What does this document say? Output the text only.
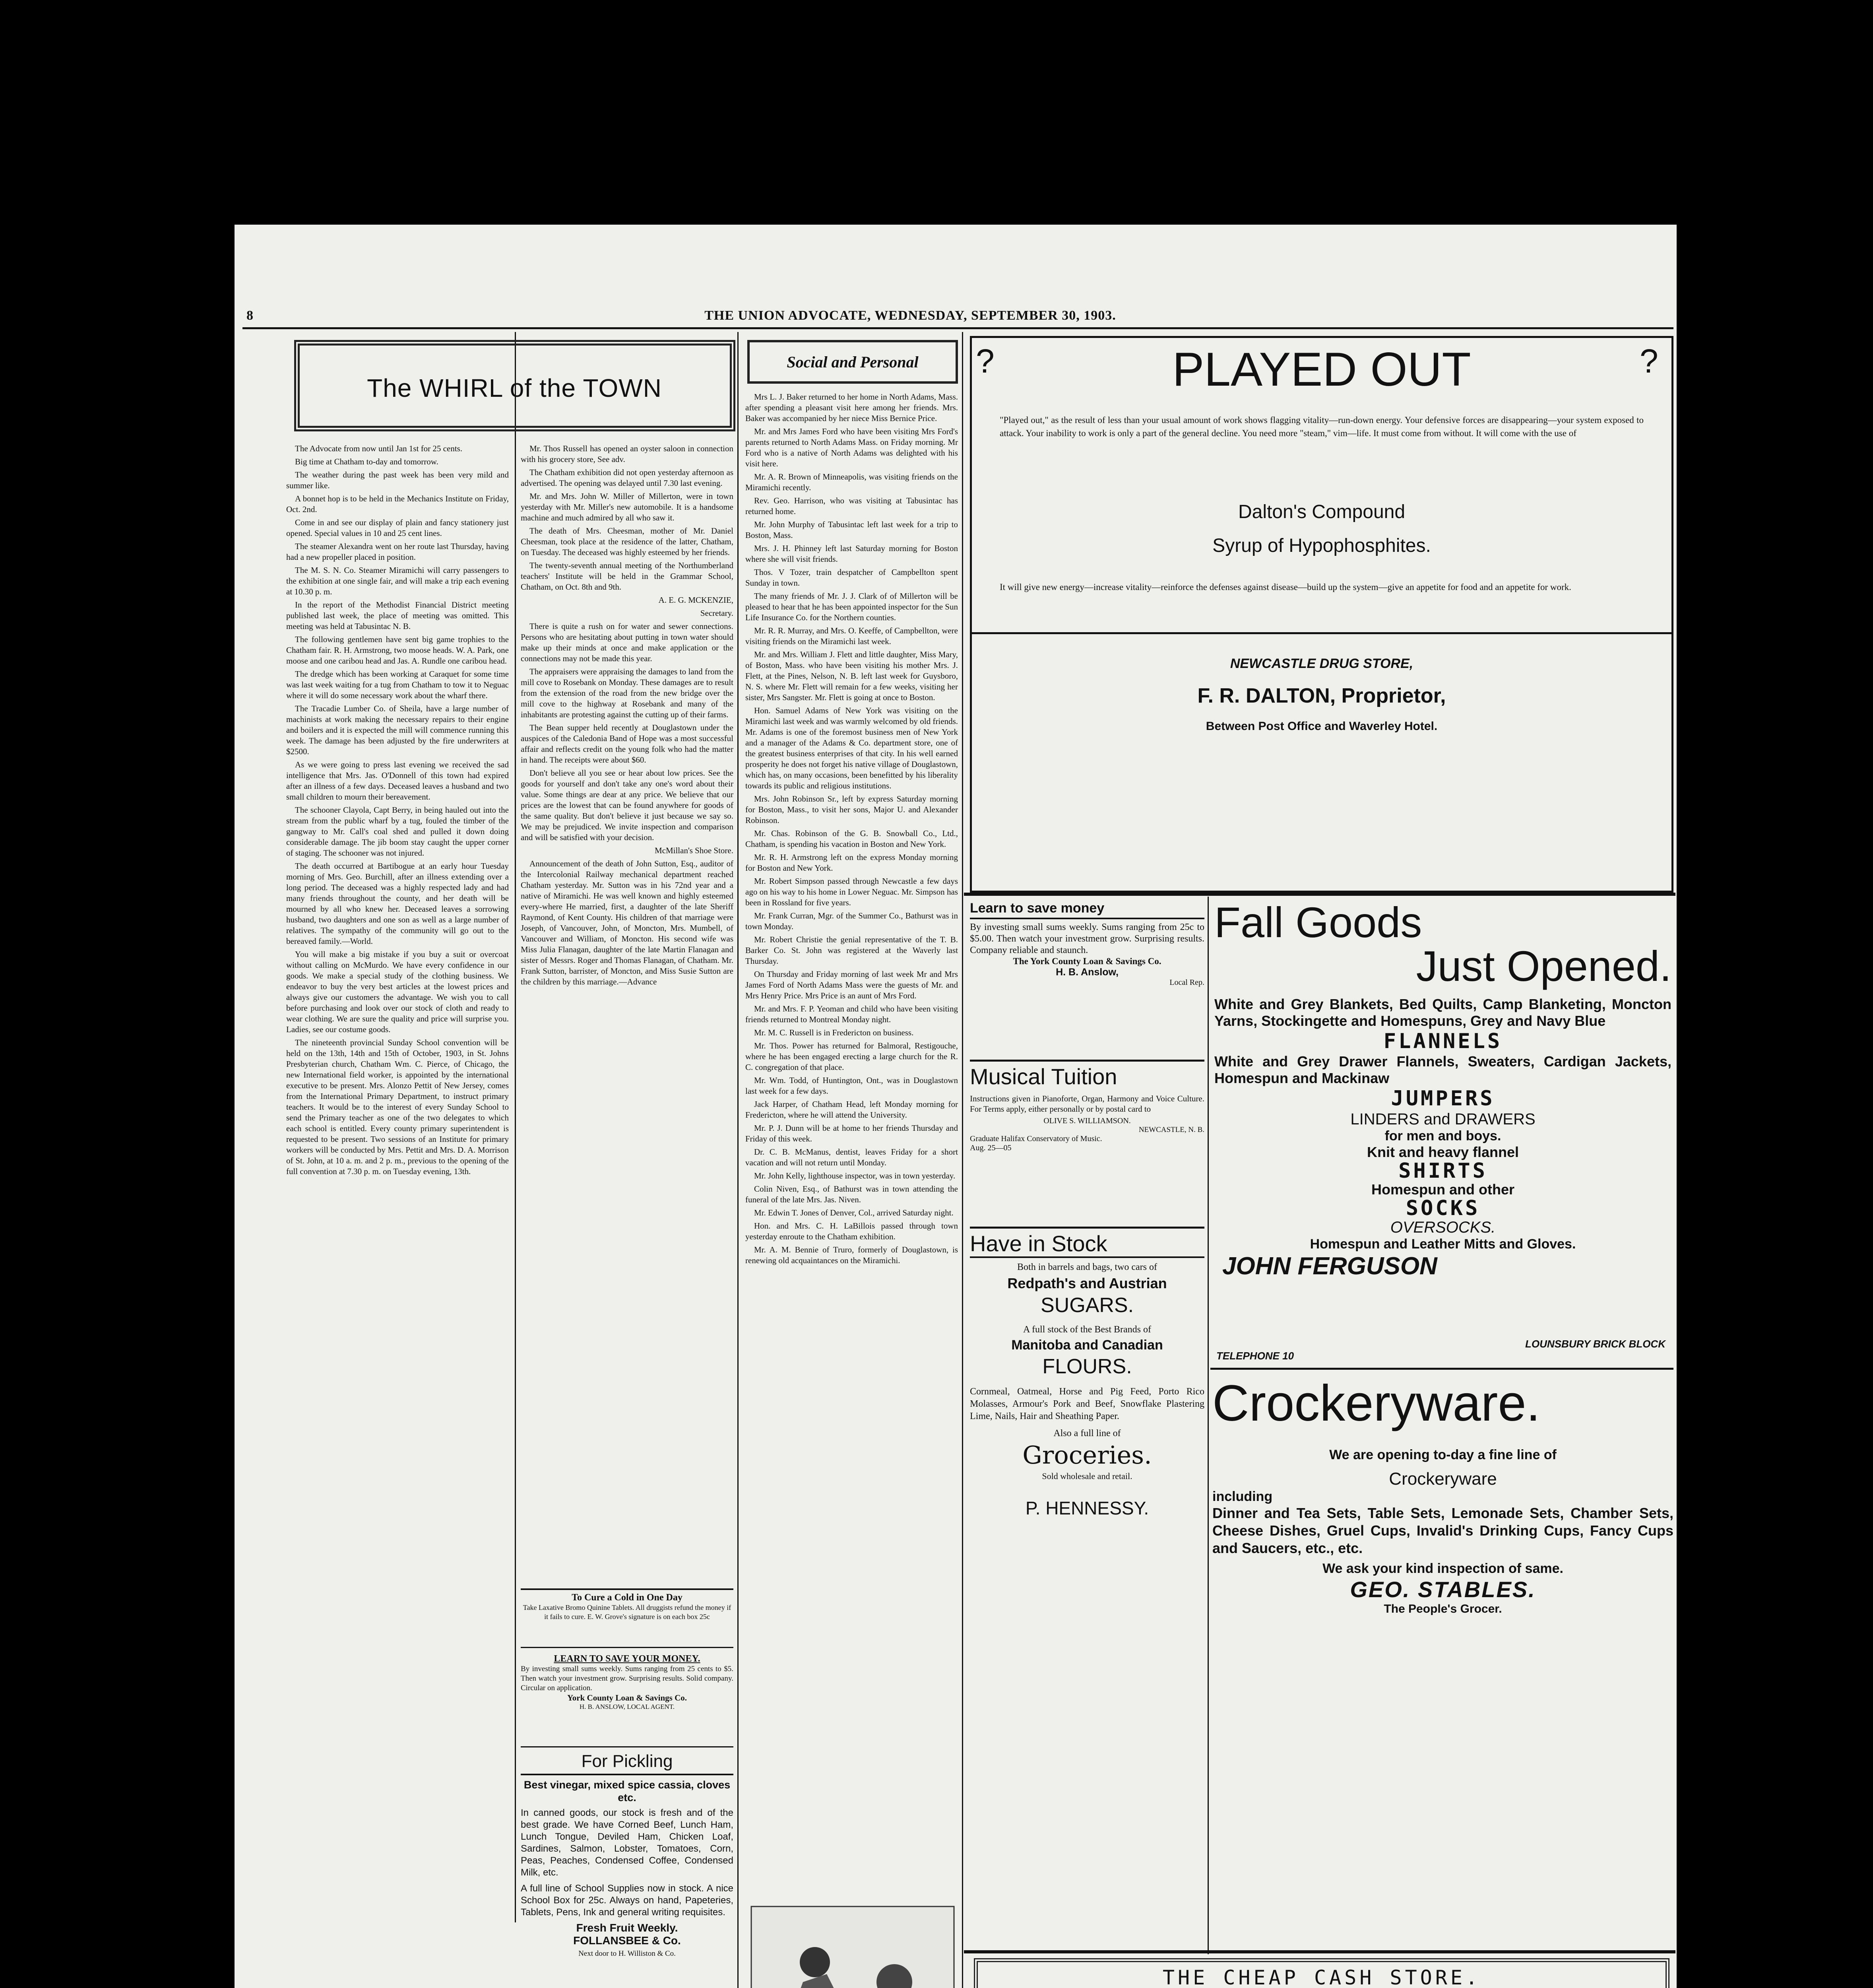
8	THE UNION ADVOCATE, WEDNESDAY, SEPTEMBER 30, 1903.
The WHIRL of the TOWN

The Advocate from now until Jan 1st for 25 cents.

Big time at Chatham to-day and tomorrow.

The weather during the past week has been very mild and summer like.

A bonnet hop is to be held in the Mechanics Institute on Friday, Oct. 2nd.

Come in and see our display of plain and fancy stationery just opened. Special values in 10 and 25 cent lines.

The steamer Alexandra went on her route last Thursday, having had a new propeller placed in position.

The M. S. N. Co. Steamer Miramichi will carry passengers to the exhibition at one single fair, and will make a trip each evening at 10.30 p. m.

In the report of the Methodist Financial District meeting published last week, the place of meeting was omitted. This meeting was held at Tabusintac N. B.

The following gentlemen have sent big game trophies to the Chatham fair. R. H. Armstrong, two moose heads. W. A. Park, one moose and one caribou head and Jas. A. Rundle one caribou head.

The dredge which has been working at Caraquet for some time was last week waiting for a tug from Chatham to tow it to Neguac where it will do some necessary work about the wharf there.

The Tracadie Lumber Co. of Sheila, have a large number of machinists at work making the necessary repairs to their engine and boilers and it is expected the mill will commence running this week. The damage has been adjusted by the fire underwriters at $2500.

As we were going to press last evening we received the sad intelligence that Mrs. Jas. O'Donnell of this town had expired after an illness of a few days. Deceased leaves a husband and two small children to mourn their bereavement.

The schooner Clayola, Capt Berry, in being hauled out into the stream from the public wharf by a tug, fouled the timber of the gangway to Mr. Call's coal shed and pulled it down doing considerable damage. The jib boom stay caught the upper corner of staging. The schooner was not injured.

The death occurred at Bartibogue at an early hour Tuesday morning of Mrs. Geo. Burchill, after an illness extending over a long period. The deceased was a highly respected lady and had many friends throughout the county, and her death will be mourned by all who knew her. Deceased leaves a sorrowing husband, two daughters and one son as well as a large number of relatives. The sympathy of the community will go out to the bereaved family.—World.

You will make a big mistake if you buy a suit or overcoat without calling on McMurdo. We have every confidence in our goods. We make a special study of the clothing business. We endeavor to buy the very best articles at the lowest prices and always give our customers the advantage. We wish you to call before purchasing and look over our stock of cloth and ready to wear clothing. We are sure the quality and price will surprise you. Ladies, see our costume goods.

The nineteenth provincial Sunday School convention will be held on the 13th, 14th and 15th of October, 1903, in St. Johns Presbyterian church, Chatham Wm. C. Pierce, of Chicago, the new International field worker, is appointed by the international executive to be present. Mrs. Alonzo Pettit of New Jersey, comes from the International Primary Department, to instruct primary teachers. It would be to the interest of every Sunday School to send the Primary teacher as one of the two delegates to which each school is entitled. Every county primary superintendent is requested to be present. Two sessions of an Institute for primary workers will be conducted by Mrs. Pettit and Mrs. D. A. Morrison of St. John, at 10 a. m. and 2 p. m., previous to the opening of the full convention at 7.30 p. m. on Tuesday evening, 13th.

Mr. Thos Russell has opened an oyster saloon in connection with his grocery store, See adv.

The Chatham exhibition did not open yesterday afternoon as advertised. The opening was delayed until 7.30 last evening.

Mr. and Mrs. John W. Miller of Millerton, were in town yesterday with Mr. Miller's new automobile. It is a handsome machine and much admired by all who saw it.

The death of Mrs. Cheesman, mother of Mr. Daniel Cheesman, took place at the residence of the latter, Chatham, on Tuesday. The deceased was highly esteemed by her friends.

The twenty-seventh annual meeting of the Northumberland teachers' Institute will be held in the Grammar School, Chatham, on Oct. 8th and 9th.

A. E. G. MCKENZIE,

Secretary.

There is quite a rush on for water and sewer connections. Persons who are hesitating about putting in town water should make up their minds at once and make application or the connections may not be made this year.

The appraisers were appraising the damages to land from the mill cove to Rosebank on Monday. These damages are to result from the extension of the road from the new bridge over the mill cove to the highway at Rosebank and many of the inhabitants are protesting against the cutting up of their farms.

The Bean supper held recently at Douglastown under the auspices of the Caledonia Band of Hope was a most successful affair and reflects credit on the young folk who had the matter in hand. The receipts were about $60.

Don't believe all you see or hear about low prices. See the goods for yourself and don't take any one's word about their value. Some things are dear at any price. We believe that our prices are the lowest that can be found anywhere for goods of the same quality. But don't believe it just because we say so. We may be prejudiced. We invite inspection and comparison and will be satisfied with your decision.

McMillan's Shoe Store.

Announcement of the death of John Sutton, Esq., auditor of the Intercolonial Railway mechanical department reached Chatham yesterday. Mr. Sutton was in his 72nd year and a native of Miramichi. He was well known and highly esteemed every-where He married, first, a daughter of the late Sheriff Raymond, of Kent County. His children of that marriage were Joseph, of Vancouver, John, of Moncton, Mrs. Mumbell, of Vancouver and William, of Moncton. His second wife was Miss Julia Flanagan, daughter of the late Martin Flanagan and sister of Messrs. Roger and Thomas Flanagan, of Chatham. Mr. Frank Sutton, barrister, of Moncton, and Miss Susie Sutton are the children by this marriage.—Advance

To Cure a Cold in One Day
Take Laxative Bromo Quinine Tablets. All druggists refund the money if it fails to cure. E. W. Grove's signature is on each box 25c
LEARN TO SAVE YOUR MONEY.
By investing small sums weekly. Sums ranging from 25 cents to $5. Then watch your investment grow. Surprising results. Solid company. Circular on application.
York County Loan & Savings Co.
H. B. ANSLOW, LOCAL AGENT.
For Pickling
Best vinegar, mixed spice cassia, cloves etc.
In canned goods, our stock is fresh and of the best grade. We have Corned Beef, Lunch Ham, Lunch Tongue, Deviled Ham, Chicken Loaf, Sardines, Salmon, Lobster, Tomatoes, Corn, Peas, Peaches, Condensed Coffee, Condensed Milk, etc.
A full line of School Supplies now in stock. A nice School Box for 25c. Always on hand, Papeteries, Tablets, Pens, Ink and general writing requisites.
Fresh Fruit Weekly.
FOLLANSBEE & Co.
Next door to H. Williston & Co.
Social and Personal

Mrs L. J. Baker returned to her home in North Adams, Mass. after spending a pleasant visit here among her friends. Mrs. Baker was accompanied by her niece Miss Bernice Price.

Mr. and Mrs James Ford who have been visiting Mrs Ford's parents returned to North Adams Mass. on Friday morning. Mr Ford who is a native of North Adams was delighted with his visit here.

Mr. A. R. Brown of Minneapolis, was visiting friends on the Miramichi recently.

Rev. Geo. Harrison, who was visiting at Tabusintac has returned home.

Mr. John Murphy of Tabusintac left last week for a trip to Boston, Mass.

Mrs. J. H. Phinney left last Saturday morning for Boston where she will visit friends.

Thos. V Tozer, train despatcher of Campbellton spent Sunday in town.

The many friends of Mr. J. J. Clark of of Millerton will be pleased to hear that he has been appointed inspector for the Sun Life Insurance Co. for the Northern counties.

Mr. R. R. Murray, and Mrs. O. Keeffe, of Campbellton, were visiting friends on the Miramichi last week.

Mr. and Mrs. William J. Flett and little daughter, Miss Mary, of Boston, Mass. who have been visiting his mother Mrs. J. Flett, at the Pines, Nelson, N. B. left last week for Guysboro, N. S. where Mr. Flett will remain for a few weeks, visiting her sister, Mrs Sangster. Mr. Flett is going at once to Boston.

Hon. Samuel Adams of New York was visiting on the Miramichi last week and was warmly welcomed by old friends. Mr. Adams is one of the foremost business men of New York and a manager of the Adams & Co. department store, one of the greatest business enterprises of that city. In his well earned prosperity he does not forget his native village of Douglastown, which has, on many occasions, been benefitted by his liberality towards its public and religious institutions.

Mrs. John Robinson Sr., left by express Saturday morning for Boston, Mass., to visit her sons, Major U. and Alexander Robinson.

Mr. Chas. Robinson of the G. B. Snowball Co., Ltd., Chatham, is spending his vacation in Boston and New York.

Mr. R. H. Armstrong left on the express Monday morning for Boston and New York.

Mr. Robert Simpson passed through Newcastle a few days ago on his way to his home in Lower Neguac. Mr. Simpson has been in Rossland for five years.

Mr. Frank Curran, Mgr. of the Summer Co., Bathurst was in town Monday.

Mr. Robert Christie the genial representative of the T. B. Barker Co. St. John was registered at the Waverly last Thursday.

On Thursday and Friday morning of last week Mr and Mrs James Ford of North Adams Mass were the guests of Mr. and Mrs Henry Price. Mrs Price is an aunt of Mrs Ford.

Mr. and Mrs. F. P. Yeoman and child who have been visiting friends returned to Montreal Monday night.

Mr. M. C. Russell is in Fredericton on business.

Mr. Thos. Power has returned for Balmoral, Restigouche, where he has been engaged erecting a large church for the R. C. congregation of that place.

Mr. Wm. Todd, of Huntington, Ont., was in Douglastown last week for a few days.

Jack Harper, of Chatham Head, left Monday morning for Fredericton, where he will attend the University.

Mr. P. J. Dunn will be at home to her friends Thursday and Friday of this week.

Dr. C. B. McManus, dentist, leaves Friday for a short vacation and will not return until Monday.

Mr. John Kelly, lighthouse inspector, was in town yesterday.

Colin Niven, Esq., of Bathurst was in town attending the funeral of the late Mrs. Jas. Niven.

Mr. Edwin T. Jones of Denver, Col., arrived Saturday night.

Hon. and Mrs. C. H. LaBillois passed through town yesterday enroute to the Chatham exhibition.

Mr. A. M. Bennie of Truro, formerly of Douglastown, is renewing old acquaintances on the Miramichi.

?	PLAYED OUT	?
"Played out," as the result of less than your usual amount of work shows flagging vitality—run-down energy. Your defensive forces are disappearing—your system exposed to attack. Your inability to work is only a part of the general decline. You need more "steam," vim—life. It must come from without. It will come with the use of
Dalton's Compound
Syrup of Hypophosphites.
It will give new energy—increase vitality—reinforce the defenses against disease—build up the system—give an appetite for food and an appetite for work.
NEWCASTLE DRUG STORE,
F. R. DALTON, Proprietor,
Between Post Office and Waverley Hotel.
Learn to save money
By investing small sums weekly. Sums ranging from 25c to $5.00. Then watch your investment grow. Surprising results. Company reliable and staunch.
The York County Loan & Savings Co.
H. B. Anslow,
Local Rep.
Musical Tuition
Instructions given in Pianoforte, Organ, Harmony and Voice Culture. For Terms apply, either personally or by postal card to
OLIVE S. WILLIAMSON.
NEWCASTLE, N. B.
Graduate Halifax Conservatory of Music.
Aug. 25—05
Have in Stock
Both in barrels and bags, two cars of
Redpath's and Austrian
SUGARS.
A full stock of the Best Brands of
Manitoba and Canadian
FLOURS.
Cornmeal, Oatmeal, Horse and Pig Feed, Porto Rico Molasses, Armour's Pork and Beef, Snowflake Plastering Lime, Nails, Hair and Sheathing Paper.
Also a full line of
Groceries.
Sold wholesale and retail.
P. HENNESSY.
Fall Goods
Just Opened.
White and Grey Blankets, Bed Quilts, Camp Blanketing, Moncton Yarns, Stockingette and Homespuns, Grey and Navy Blue
FLANNELS
White and Grey Drawer Flannels, Sweaters, Cardigan Jackets, Homespun and Mackinaw
JUMPERS
LINDERS and DRAWERS
for men and boys.
Knit and heavy flannel
SHIRTS
Homespun and other
SOCKS
OVERSOCKS.
Homespun and Leather Mitts and Gloves.
JOHN FERGUSON
LOUNSBURY BRICK BLOCK
TELEPHONE 10
Crockeryware.
We are opening to-day a fine line of
Crockeryware
including
Dinner and Tea Sets, Table Sets, Lemonade Sets, Chamber Sets, Cheese Dishes, Gruel Cups, Invalid's Drinking Cups, Fancy Cups and Saucers, etc., etc.
We ask your kind inspection of same.
GEO. STABLES.
The People's Grocer.
THE CHEAP CASH STORE.
